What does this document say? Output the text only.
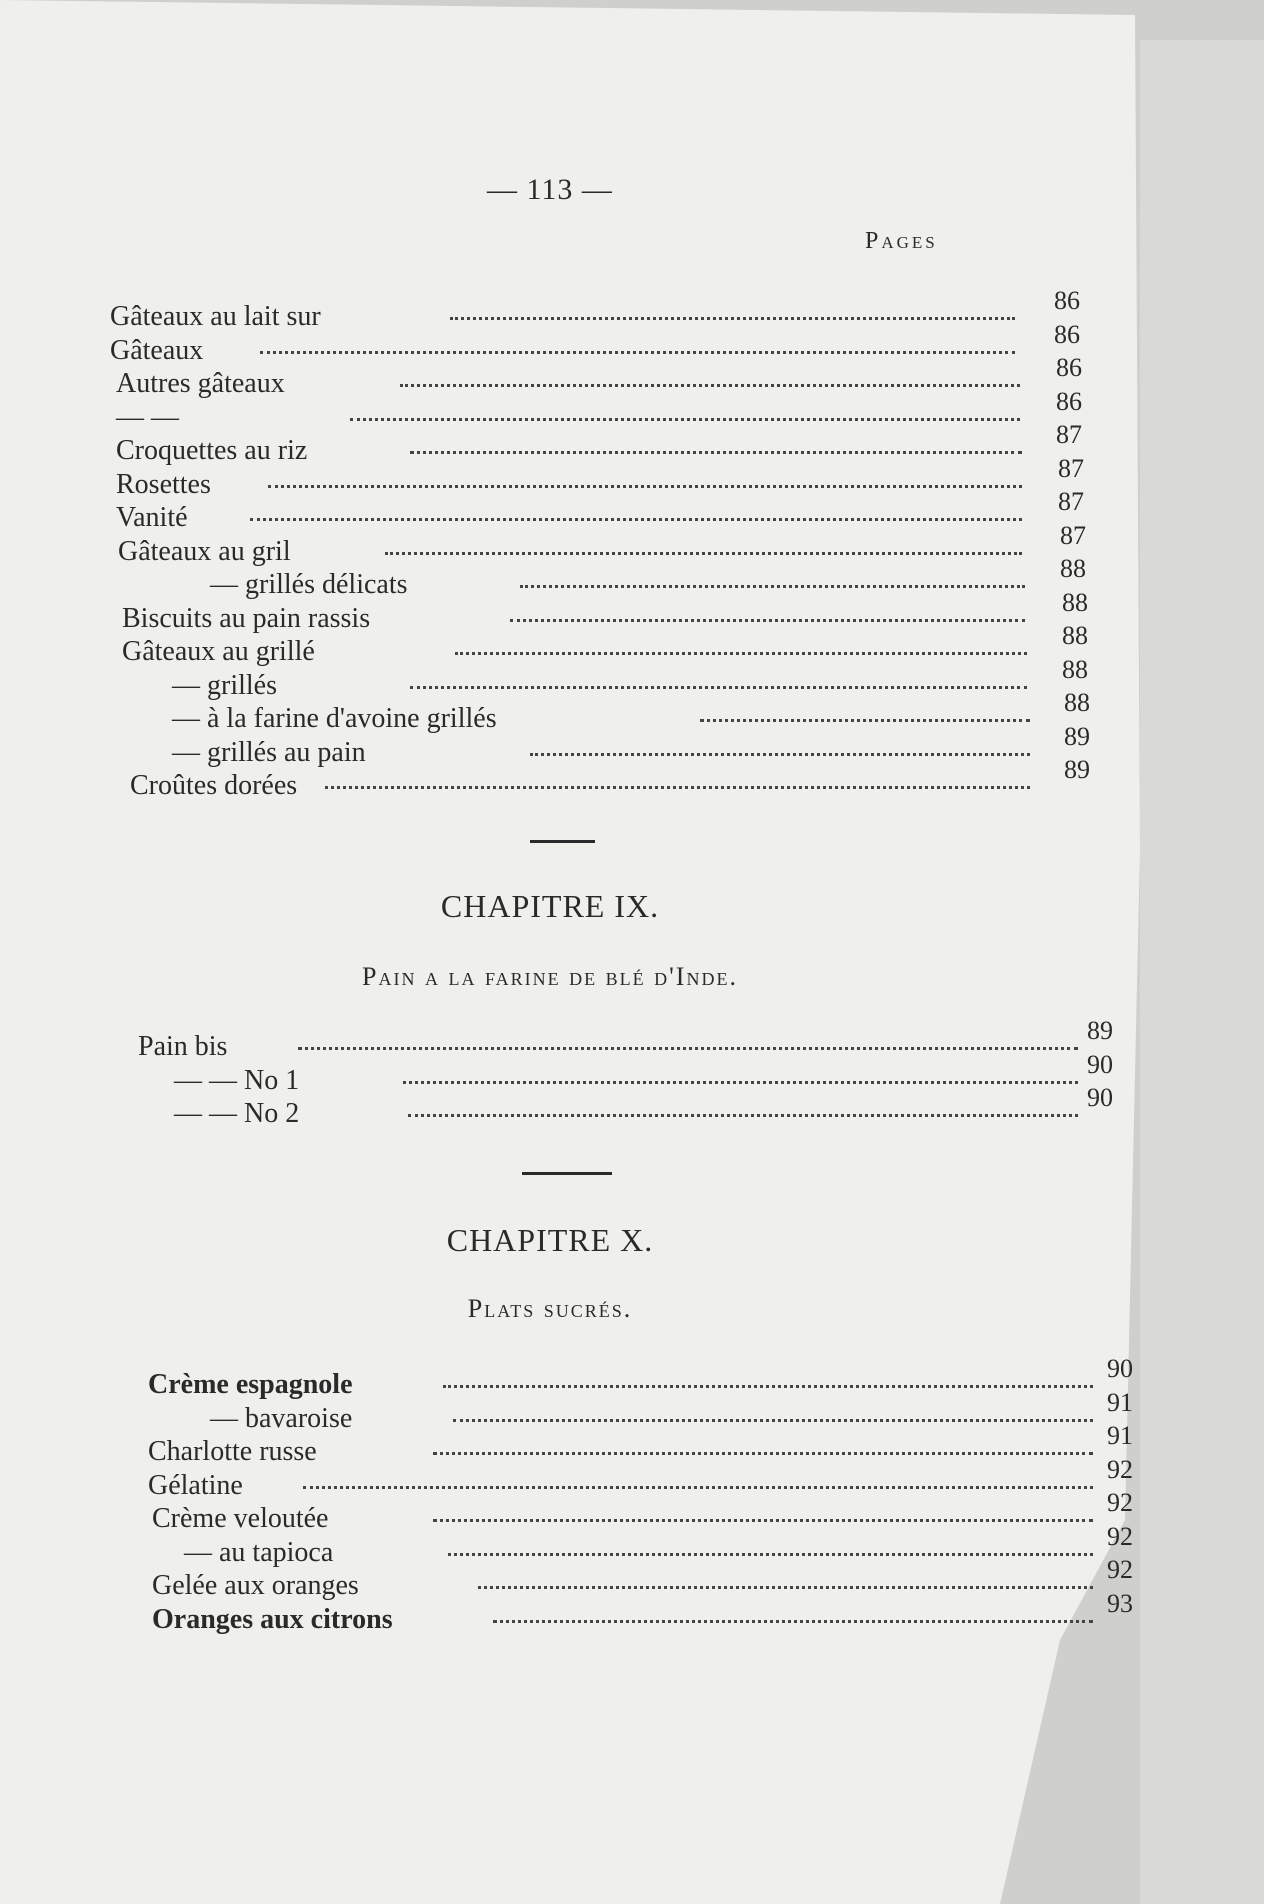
— 113 —
Pages
Gâteaux au lait sur
86
Gâteaux
86
Autres gâteaux
86
— —
86
Croquettes au riz
87
Rosettes
87
Vanité
87
Gâteaux au gril
87
— grillés délicats
88
Biscuits au pain rassis
88
Gâteaux au grillé
88
— grillés
88
— à la farine d'avoine grillés
88
— grillés au pain
89
Croûtes dorées
89
CHAPITRE IX.
Pain a la farine de blé d'Inde.
Pain bis
89
— — No 1
90
— — No 2
90
CHAPITRE X.
Plats sucrés.
Crème espagnole
90
— bavaroise
91
Charlotte russe
91
Gélatine
92
Crème veloutée
92
— au tapioca
92
Gelée aux oranges
92
Oranges aux citrons
93
